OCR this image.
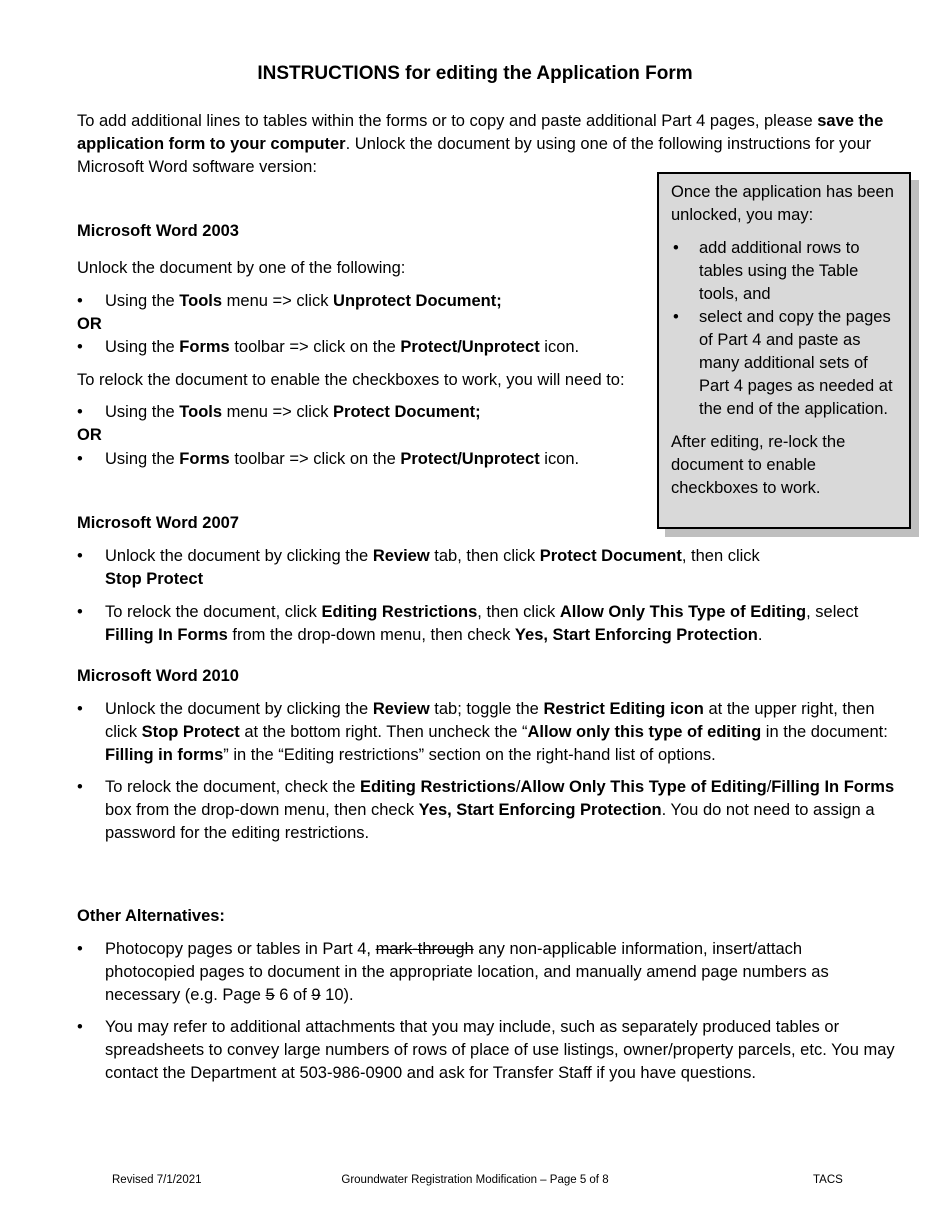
INSTRUCTIONS for editing the Application Form

To add additional lines to tables within the forms or to copy and paste additional Part 4 pages, please save the application form to your computer. Unlock the document by using one of the following instructions for your Microsoft Word software version:

Once the application has been unlocked, you may:

• add additional rows to tables using the Table tools, and
• select and copy the pages of Part 4 and paste as many additional sets of Part 4 pages as needed at the end of the application.

After editing, re-lock the document to enable checkboxes to work.

Microsoft Word 2003

Unlock the document by one of the following:

• Using the Tools menu => click Unprotect Document;

OR

• Using the Forms toolbar => click on the Protect/Unprotect icon.

To relock the document to enable the checkboxes to work, you will need to:

• Using the Tools menu => click Protect Document;

OR

• Using the Forms toolbar => click on the Protect/Unprotect icon.

Microsoft Word 2007

• Unlock the document by clicking the Review tab, then click Protect Document, then click Stop Protect

• To relock the document, click Editing Restrictions, then click Allow Only This Type of Editing, select Filling In Forms from the drop-down menu, then check Yes, Start Enforcing Protection.

Microsoft Word 2010

• Unlock the document by clicking the Review tab; toggle the Restrict Editing icon at the upper right, then click Stop Protect at the bottom right. Then uncheck the “Allow only this type of editing in the document: Filling in forms” in the “Editing restrictions” section on the right-hand list of options.

• To relock the document, check the Editing Restrictions/Allow Only This Type of Editing/Filling In Forms box from the drop-down menu, then check Yes, Start Enforcing Protection. You do not need to assign a password for the editing restrictions.

Other Alternatives:

• Photocopy pages or tables in Part 4, mark-through any non-applicable information, insert/attach photocopied pages to document in the appropriate location, and manually amend page numbers as necessary (e.g. Page 5 6 of 9 10).

• You may refer to additional attachments that you may include, such as separately produced tables or spreadsheets to convey large numbers of rows of place of use listings, owner/property parcels, etc. You may contact the Department at 503-986-0900 and ask for Transfer Staff if you have questions.

Revised 7/1/2021	Groundwater Registration Modification – Page 5 of 8	TACS
